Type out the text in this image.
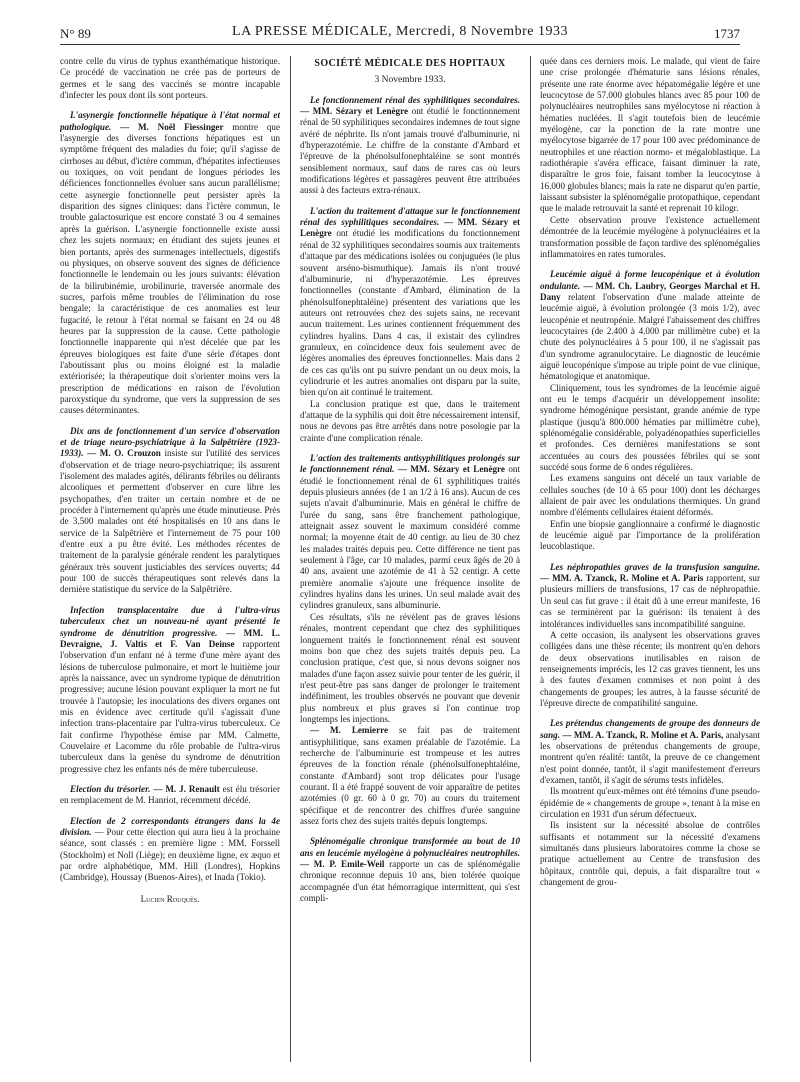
N° 89	LA PRESSE MÉDICALE, Mercredi, 8 Novembre 1933	1737

contre celle du virus de typhus exanthématique historique. Ce procédé de vaccination ne crée pas de porteurs de germes et le sang des vaccinés se montre incapable d'infecter les poux dont ils sont porteurs.

L'asynergie fonctionnelle hépatique à l'état normal et pathologique. — M. Noël Fiessinger montre que l'asynergie des diverses fonctions hépatiques est un symptôme fréquent des maladies du foie; qu'il s'agisse de cirrhoses au début, d'ictère commun, d'hépatites infectieuses ou toxiques, on voit pendant de longues périodes les déficiences fonctionnelles évoluer sans aucun parallélisme; cette asynergie fonctionnelle peut persister après la disparition des signes cliniques: dans l'ictère commun, le trouble galactosurique est encore constaté 3 ou 4 semaines après la guérison. L'asynergie fonctionnelle existe aussi chez les sujets normaux; en étudiant des sujets jeunes et bien portants, après des surmenages intellectuels, digestifs ou physiques, on observe souvent des signes de déficience fonctionnelle le lendemain ou les jours suivants: élévation de la bilirubinémie, urobilinurie, traversée anormale des sucres, parfois même troubles de l'élimination du rose bengale; la caractéristique de ces anomalies est leur fugacité, le retour à l'état normal se faisant en 24 ou 48 heures par la suppression de la cause. Cette pathologie fonctionnelle inapparente qui n'est décelée que par les épreuves biologiques est faite d'une série d'étapes dont l'aboutissant plus ou moins éloigné est la maladie extériorisée; la thérapeutique doit s'orienter moins vers la prescription de médications en raison de l'évolution paroxystique du syndrome, que vers la suppression de ses causes déterminantes.

Dix ans de fonctionnement d'un service d'observation et de triage neuro-psychiatrique à la Salpêtrière (1923-1933). — M. O. Crouzon insiste sur l'utilité des services d'observation et de triage neuro-psychiatrique; ils assurent l'isolement des malades agités, délirants fébriles ou délirants alcooliques et permettent d'observer en cure libre les psychopathes, d'en traiter un certain nombre et de ne procéder à l'internement qu'après une étude minutieuse. Près de 3.500 malades ont été hospitalisés en 10 ans dans le service de la Salpêtrière et l'internement de 75 pour 100 d'entre eux a pu être évité. Les méthodes récentes de traitement de la paralysie générale rendent les paralytiques généraux très souvent justiciables des services ouverts; 44 pour 100 de succès thérapeutiques sont relevés dans la dernière statistique du service de la Salpêtrière.

Infection transplacentaire due à l'ultra-virus tuberculeux chez un nouveau-né ayant présenté le syndrome de dénutrition progressive. — MM. L. Devraigne, J. Valtis et F. Van Deinse rapportent l'observation d'un enfant né à terme d'une mère ayant des lésions de tuberculose pulmonaire, et mort le huitième jour après la naissance, avec un syndrome typique de dénutrition progressive; aucune lésion pouvant expliquer la mort ne fut trouvée à l'autopsie; les inoculations des divers organes ont mis en évidence avec certitude qu'il s'agissait d'une infection trans-placentaire par l'ultra-virus tuberculeux. Ce fait confirme l'hypothèse émise par MM. Calmette, Couvelaire et Lacomme du rôle probable de l'ultra-virus tuberculeux dans la genèse du syndrome de dénutrition progressive chez les enfants nés de mère tuberculeuse.

Election du trésorier. — M. J. Renault est élu trésorier en remplacement de M. Hanriot, récemment décédé.

Election de 2 correspondants étrangers dans la 4e division. — Pour cette élection qui aura lieu à la prochaine séance, sont classés : en première ligne : MM. Forssell (Stockholm) et Noll (Liège); en deuxième ligne, ex æquo et par ordre alphabétique, MM. Hill (Londres), Hopkins (Cambridge), Houssay (Buenos-Aires), et Inada (Tokio).

Lucien Rouquès.
SOCIÉTÉ MÉDICALE DES HOPITAUX
3 Novembre 1933.

Le fonctionnement rénal des syphilitiques secondaires. — MM. Sézary et Lenègre ont étudié le fonctionnement rénal de 50 syphilitiques secondaires indemnes de tout signe avéré de néphrite. Ils n'ont jamais trouvé d'albuminurie, ni d'hyperazotémie. Le chiffre de la constante d'Ambard et l'épreuve de la phénolsulfonephtaléine se sont montrés sensiblement normaux, sauf dans de rares cas où leurs modifications légères et passagères peuvent être attribuées aussi à des facteurs extra-rénaux.

L'action du traitement d'attaque sur le fonctionnement rénal des syphilitiques secondaires. — MM. Sézary et Lenègre ont étudié les modifications du fonctionnement rénal de 32 syphilitiques secondaires soumis aux traitements d'attaque par des médications isolées ou conjuguées (le plus souvent arséno-bismuthique). Jamais ils n'ont trouvé d'albuminurie, ni d'hyperazotémie. Les épreuves fonctionnelles (constante d'Ambard, élimination de la phénolsulfonephtaléine) présentent des variations que les auteurs ont retrouvées chez des sujets sains, ne recevant aucun traitement. Les urines contiennent fréquemment des cylindres hyalins. Dans 4 cas, il existait des cylindres granuleux, en coïncidence deux fois seulement avec de légères anomalies des épreuves fonctionnelles. Mais dans 2 de ces cas qu'ils ont pu suivre pendant un ou deux mois, la cylindrurie et les autres anomalies ont disparu par la suite, bien qu'on ait continué le traitement.

La conclusion pratique est que, dans le traitement d'attaque de la syphilis qui doit être nécessairement intensif, nous ne devons pas être arrêtés dans notre posologie par la crainte d'une complication rénale.

L'action des traitements antisyphilitiques prolongés sur le fonctionnement rénal. — MM. Sézary et Lenègre ont étudié le fonctionnement rénal de 61 syphilitiques traités depuis plusieurs années (de 1 an 1/2 à 16 ans). Aucun de ces sujets n'avait d'albuminurie. Mais en général le chiffre de l'urée du sang, sans être franchement pathologique, atteignait assez souvent le maximum considéré comme normal; la moyenne était de 40 centigr. au lieu de 30 chez les malades traités depuis peu. Cette différence ne tient pas seulement à l'âge, car 10 malades, parmi ceux âgés de 20 à 40 ans, avaient une azotémie de 41 à 52 centigr. A cette première anomalie s'ajoute une fréquence insolite de cylindres hyalins dans les urines. Un seul malade avait des cylindres granuleux, sans albuminurie.

Ces résultats, s'ils ne révèlent pas de graves lésions rénales, montrent cependant que chez des syphilitiques longuement traités le fonctionnement rénal est souvent moins bon que chez des sujets traités depuis peu. La conclusion pratique, c'est que, si nous devons soigner nos malades d'une façon assez suivie pour tenter de les guérir, il n'est peut-être pas sans danger de prolonger le traitement indéfiniment, les troubles observés ne pouvant que devenir plus nombreux et plus graves si l'on continue trop longtemps les injections.

— M. Lemierre se fait pas de traitement antisyphilitique, sans examen préalable de l'azotémie. La recherche de l'albuminurie est trompeuse et les autres épreuves de la fonction rénale (phénolsulfonephtaléine, constante d'Ambard) sont trop délicates pour l'usage courant. Il a été frappé souvent de voir apparaître de petites azotémies (0 gr. 60 à 0 gr. 70) au cours du traitement spécifique et de rencontrer des chiffres d'urée sanguine assez forts chez des sujets traités depuis longtemps.

Splénomégalie chronique transformée au bout de 10 ans en leucémie myélogène à polynucléaires neutrophiles. — M. P. Emile-Weil rapporte un cas de splénomégalie chronique reconnue depuis 10 ans, bien tolérée quoique accompagnée d'un état hémorragique intermittent, qui s'est compli-

quée dans ces derniers mois. Le malade, qui vient de faire une crise prolongée d'hématurie sans lésions rénales, présente une rate énorme avec hépatomégalie légère et une leucocytose de 57.000 globules blancs avec 85 pour 100 de polynucléaires neutrophiles sans myélocytose ni réaction à hématies nucléées. Il s'agit toutefois bien de leucémie myélogène, car la ponction de la rate montre une myélocytose bigarrée de 17 pour 100 avec prédominance de neutrophiles et une réaction normo- et mégaloblastique. La radiothérapie s'avéra efficace, faisant diminuer la rate, disparaître le gros foie, faisant tomber la leucocytose à 16.000 globules blancs; mais la rate ne disparut qu'en partie, laissant subsister la splénomégalie protopathique, cependant que le malade retrouvait la santé et reprenait 10 kilogr.

Cette observation prouve l'existence actuellement démontrée de la leucémie myélogène à polynucléaires et la transformation possible de façon tardive des splénomégalies inflammatoires en rates tumorales.

Leucémie aiguë à forme leucopénique et à évolution ondulante. — MM. Ch. Laubry, Georges Marchal et H. Dany relatent l'observation d'une malade atteinte de leucémie aiguë, à évolution prolongée (3 mois 1/2), avec leucopénie et neutropénie. Malgré l'abaissement des chiffres leucocytaires (de 2.400 à 4.000 par millimètre cube) et la chute des polynucléaires à 5 pour 100, il ne s'agissait pas d'un syndrome agranulocytaire. Le diagnostic de leucémie aiguë leucopénique s'impose au triple point de vue clinique, hématologique et anatomique.

Cliniquement, tous les syndromes de la leucémie aiguë ont eu le temps d'acquérir un développement insolite: syndrome hémogénique persistant, grande anémie de type plastique (jusqu'à 800.000 hématies par millimètre cube), splénomégalie considérable, polyadénopathies superficielles et profondes. Ces dernières manifestations se sont accentuées au cours des poussées fébriles qui se sont succédé sous forme de 6 ondes régulières.

Les examens sanguins ont décelé un taux variable de cellules souches (de 10 à 65 pour 100) dont les décharges allaient de pair avec les ondulations thermiques. Un grand nombre d'éléments cellulaires étaient déformés.

Enfin une biopsie ganglionnaire a confirmé le diagnostic de leucémie aiguë par l'importance de la prolifération leucoblastique.

Les néphropathies graves de la transfusion sanguine. — MM. A. Tzanck, R. Moline et A. Paris rapportent, sur plusieurs milliers de transfusions, 17 cas de néphropathie. Un seul cas fut grave : il était dû à une erreur manifeste, 16 cas se terminèrent par la guérison: ils tenaient à des intolérances individuelles sans incompatibilité sanguine.

A cette occasion, ils analysent les observations graves colligées dans une thèse récente; ils montrent qu'en dehors de deux observations inutilisables en raison de renseignements imprécis, les 12 cas graves tiennent, les uns à des fautes d'examen commises et non point à des changements de groupes; les autres, à la fausse sécurité de l'épreuve directe de compatibilité sanguine.

Les prétendus changements de groupe des donneurs de sang. — MM. A. Tzanck, R. Moline et A. Paris, analysant les observations de prétendus changements de groupe, montrent qu'en réalité: tantôt, la preuve de ce changement n'est point donnée, tantôt, il s'agit manifestement d'erreurs d'examen, tantôt, il s'agit de sérums tests infidèles.

Ils montrent qu'eux-mêmes ont été témoins d'une pseudo-épidémie de « changements de groupe », tenant à la mise en circulation en 1931 d'un sérum défectueux.

Ils insistent sur la nécessité absolue de contrôles suffisants et notamment sur la nécessité d'examens simultanés dans plusieurs laboratoires comme la chose se pratique actuellement au Centre de transfusion des hôpitaux, contrôle qui, depuis, a fait disparaître tout « changement de grou-
